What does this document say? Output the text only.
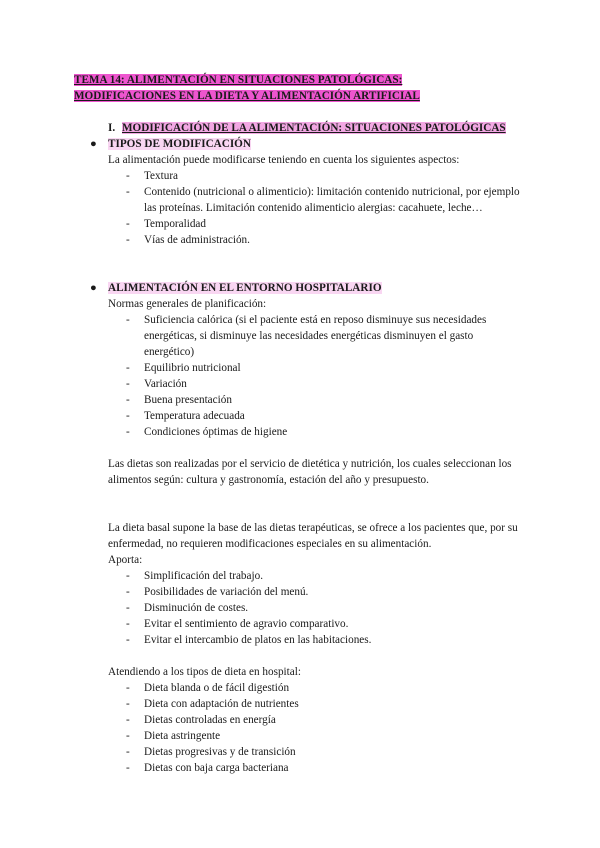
TEMA 14: ALIMENTACIÓN EN SITUACIONES PATOLÓGICAS:
MODIFICACIONES EN LA DIETA Y ALIMENTACIÓN ARTIFICIAL
I. MODIFICACIÓN DE LA ALIMENTACIÓN: SITUACIONES PATOLÓGICAS
● TIPOS DE MODIFICACIÓN
La alimentación puede modificarse teniendo en cuenta los siguientes aspectos:
- Textura
- Contenido (nutricional o alimenticio): limitación contenido nutricional, por ejemplo las proteínas. Limitación contenido alimenticio alergias: cacahuete, leche…
- Temporalidad
- Vías de administración.
● ALIMENTACIÓN EN EL ENTORNO HOSPITALARIO
Normas generales de planificación:
- Suficiencia calórica (si el paciente está en reposo disminuye sus necesidades energéticas, si disminuye las necesidades energéticas disminuyen el gasto energético)
- Equilibrio nutricional
- Variación
- Buena presentación
- Temperatura adecuada
- Condiciones óptimas de higiene
Las dietas son realizadas por el servicio de dietética y nutrición, los cuales seleccionan los alimentos según: cultura y gastronomía, estación del año y presupuesto.
La dieta basal supone la base de las dietas terapéuticas, se ofrece a los pacientes que, por su enfermedad, no requieren modificaciones especiales en su alimentación.
Aporta:
- Simplificación del trabajo.
- Posibilidades de variación del menú.
- Disminución de costes.
- Evitar el sentimiento de agravio comparativo.
- Evitar el intercambio de platos en las habitaciones.
Atendiendo a los tipos de dieta en hospital:
- Dieta blanda o de fácil digestión
- Dieta con adaptación de nutrientes
- Dietas controladas en energía
- Dieta astringente
- Dietas progresivas y de transición
- Dietas con baja carga bacteriana
